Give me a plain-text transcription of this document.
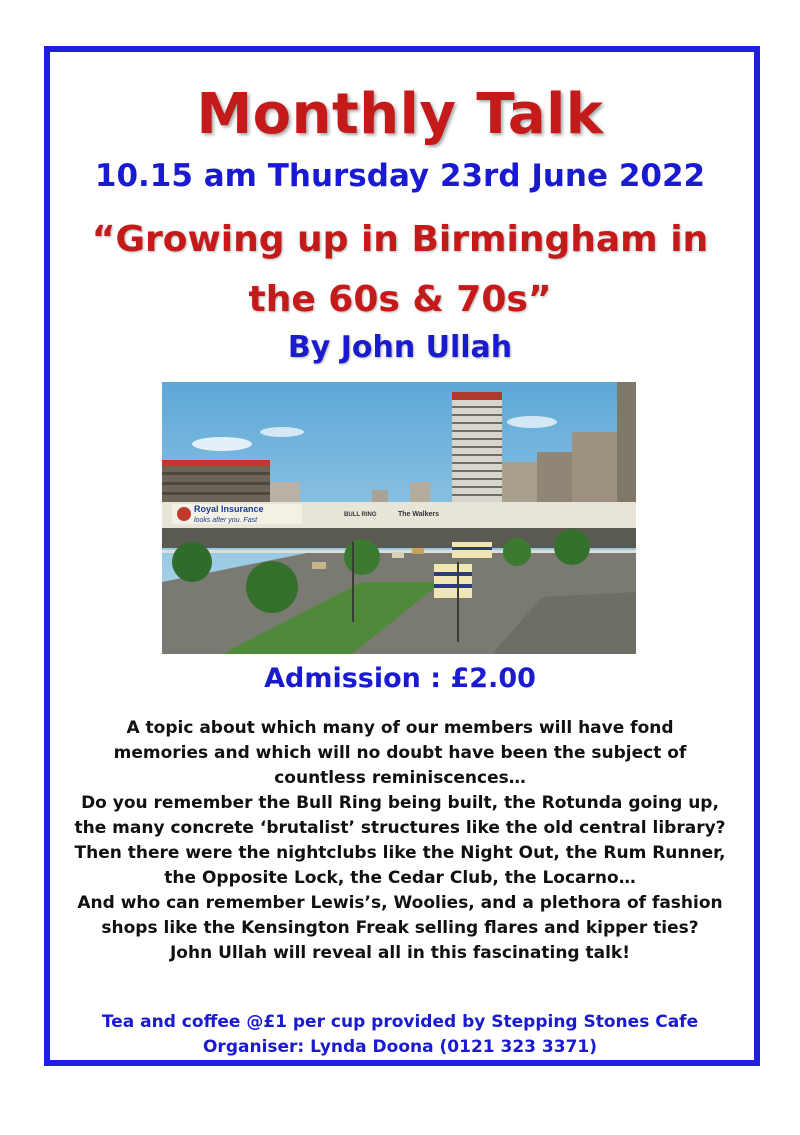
Monthly Talk
10.15 am Thursday 23rd June 2022
“Growing up in Birmingham in
the 60s & 70s”
By John Ullah
Royal Insurance
looks after you. Fast
BULL RING	The Walkers
Admission : £2.00

A topic about which many of our members will have fond

memories and which will no doubt have been the subject of

countless reminiscences…

Do you remember the Bull Ring being built, the Rotunda going up,

the many concrete ‘brutalist’ structures like the old central library?

Then there were the nightclubs like the Night Out, the Rum Runner,

the Opposite Lock, the Cedar Club, the Locarno…

And who can remember Lewis’s, Woolies, and a plethora of fashion

shops like the Kensington Freak selling flares and kipper ties?

John Ullah will reveal all in this fascinating talk!

Tea and coffee @£1 per cup provided by Stepping Stones Cafe

Organiser: Lynda Doona (0121 323 3371)
